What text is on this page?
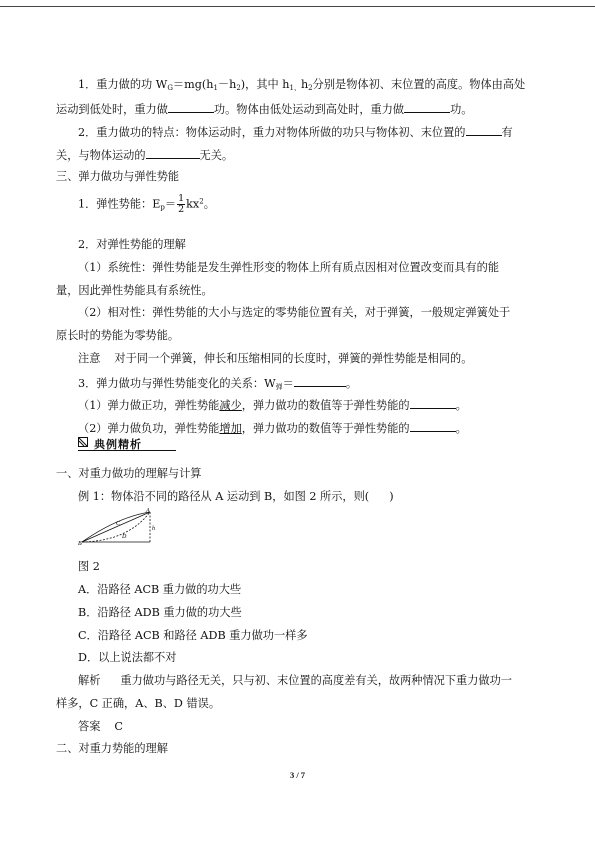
1．重力做的功 $W_G=mg(h_1-h_2)$，其中 $h_{1、}h_2$分别是物体初、末位置的高度。物体由高处
运动到低处时，重力做	功。物体由低处运动到高处时，重力做	功。
2．重力做功的特点：物体运动时，重力对物体所做的功只与物体初、末位置的	有
关，与物体运动的	无关。
三、弹力做功与弹性势能
1．弹性势能：$E_p= \frac{1}{2} kx^2$。
2．对弹性势能的理解
（1）系统性：弹性势能是发生弹性形变的物体上所有质点因相对位置改变而具有的能
量，因此弹性势能具有系统性。
（2）相对性：弹性势能的大小与选定的零势能位置有关，对于弹簧，一般规定弹簧处于
原长时的势能为零势能。
注意 对于同一个弹簧，伸长和压缩相同的长度时，弹簧的弹性势能是相同的。
3．弹力做功与弹性势能变化的关系：$W_弹=$	。
（1）弹力做正功，弹性势能减少，弹力做功的数值等于弹性势能的	。
（2）弹力做负功，弹性势能增加，弹力做功的数值等于弹性势能的	。
典例精析
一、对重力做功的理解与计算
例 1：物体沿不同的路径从 A 运动到 B，如图 2 所示，则( )
A
B
C
D
h
图 2
A．沿路径 ACB 重力做的功大些
B．沿路径 ADB 重力做的功大些
C．沿路径 ACB 和路径 ADB 重力做功一样多
D．以上说法都不对
解析 重力做功与路径无关，只与初、末位置的高度差有关，故两种情况下重力做功一
样多，C 正确，A、B、D 错误。
答案 C
二、对重力势能的理解
3 / 7
